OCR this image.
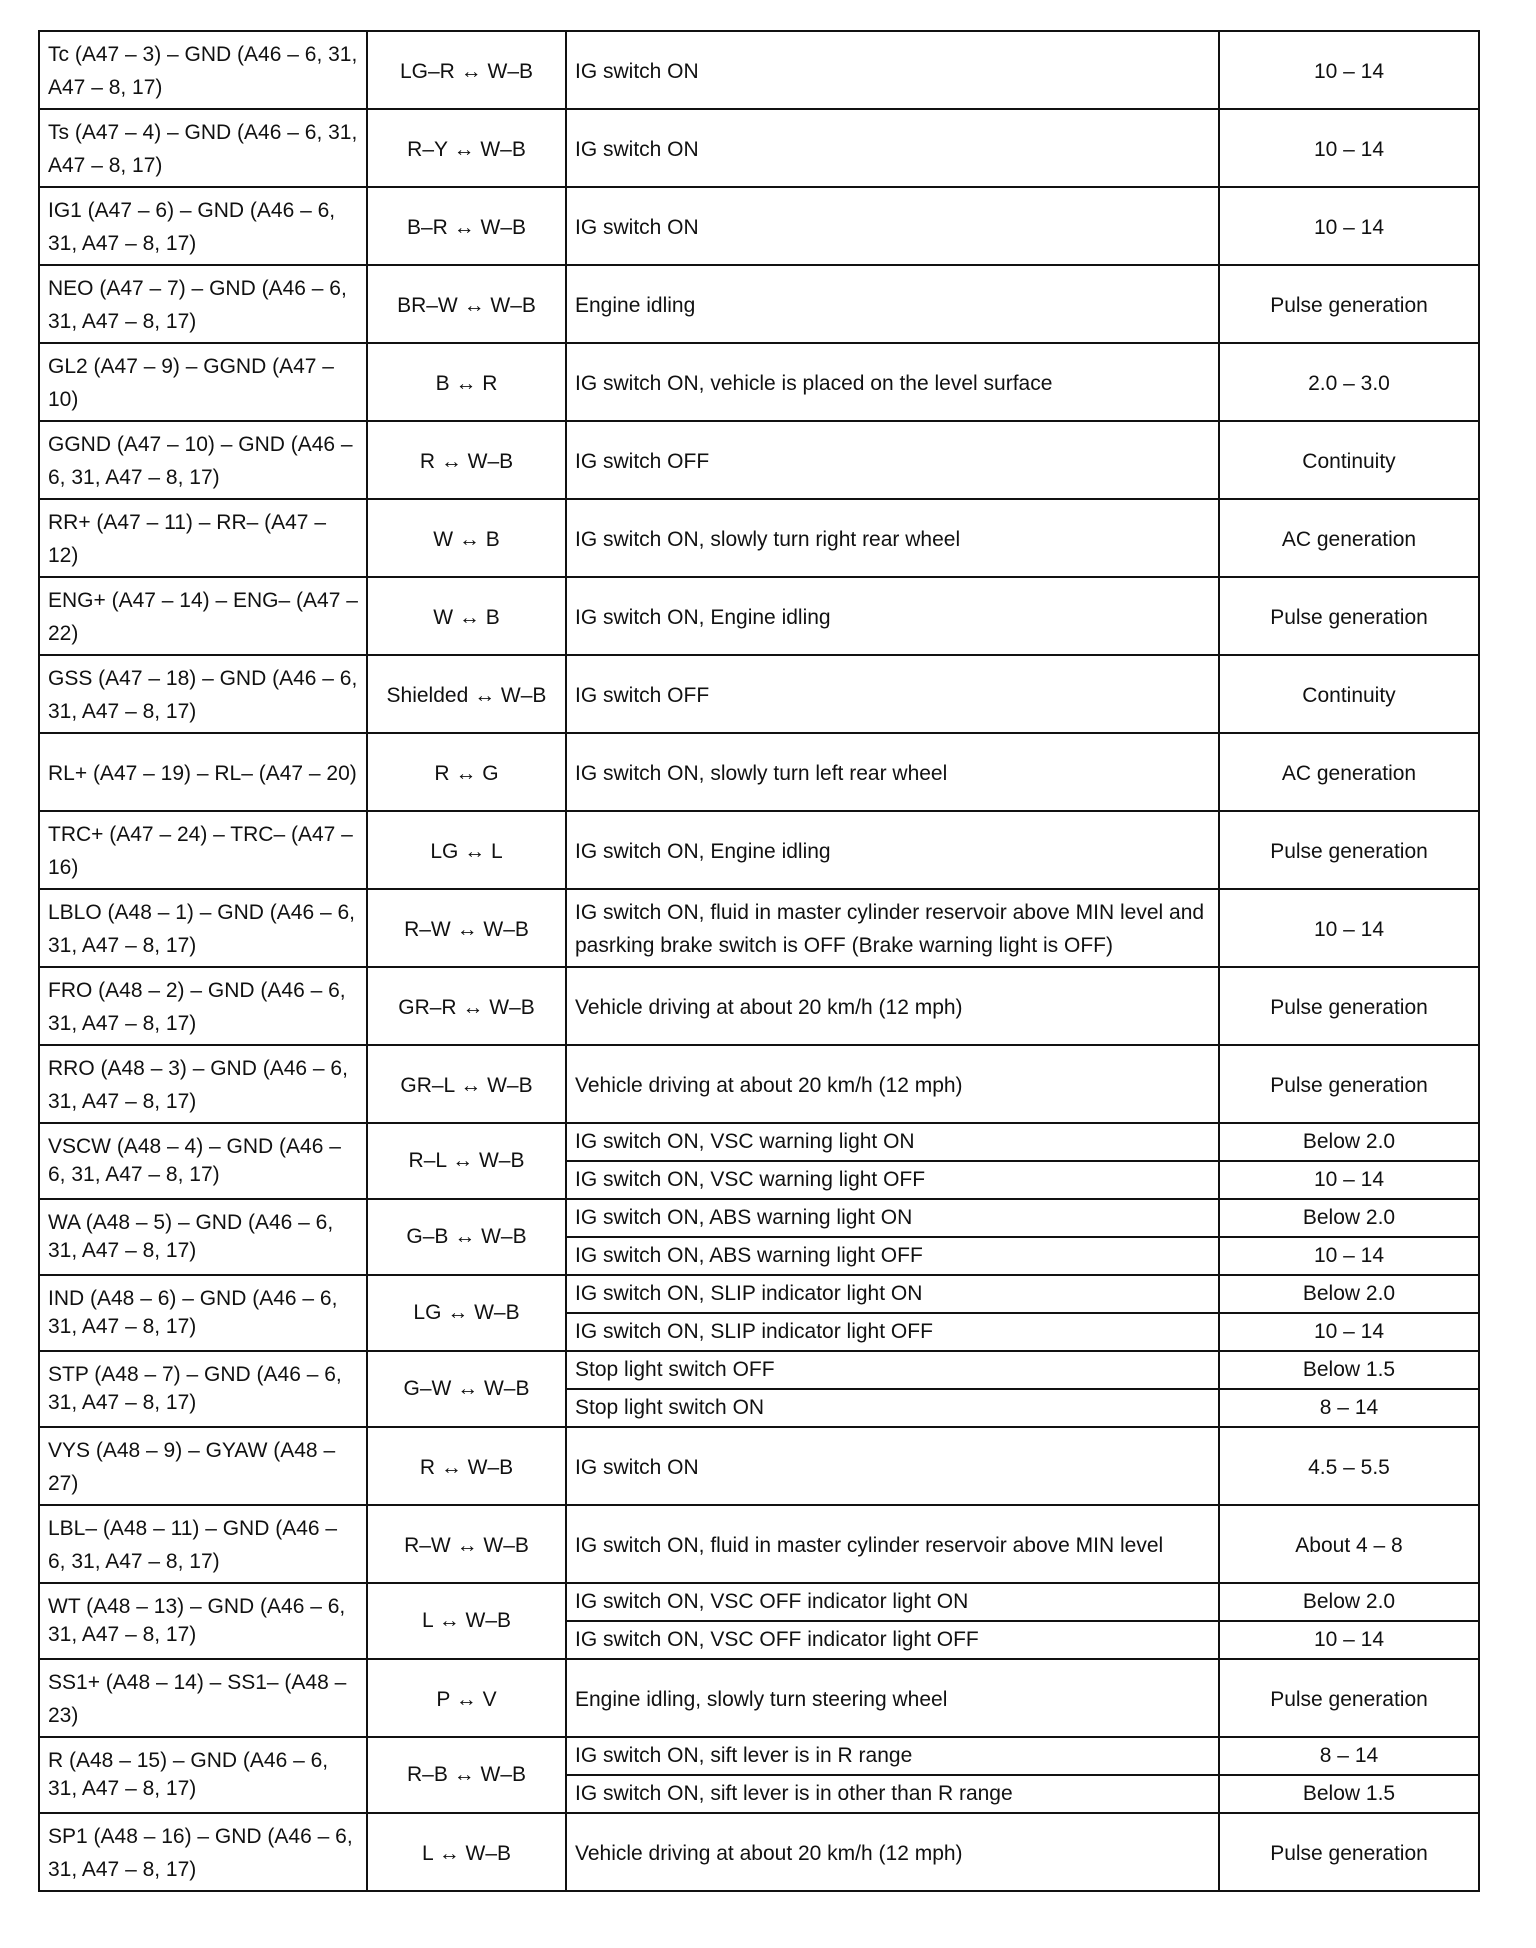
Tc (A47 – 3) – GND (A46 – 6, 31, A47 – 8, 17)	LG–R ↔ W–B	IG switch ON	10 – 14
Ts (A47 – 4) – GND (A46 – 6, 31, A47 – 8, 17)	R–Y ↔ W–B	IG switch ON	10 – 14
IG1 (A47 – 6) – GND (A46 – 6, 31, A47 – 8, 17)	B–R ↔ W–B	IG switch ON	10 – 14
NEO (A47 – 7) – GND (A46 – 6, 31, A47 – 8, 17)	BR–W ↔ W–B	Engine idling	Pulse generation
GL2 (A47 – 9) – GGND (A47 – 10)	B ↔ R	IG switch ON, vehicle is placed on the level surface	2.0 – 3.0
GGND (A47 – 10) – GND (A46 – 6, 31, A47 – 8, 17)	R ↔ W–B	IG switch OFF	Continuity
RR+ (A47 – 11) – RR– (A47 – 12)	W ↔ B	IG switch ON, slowly turn right rear wheel	AC generation
ENG+ (A47 – 14) – ENG– (A47 – 22)	W ↔ B	IG switch ON, Engine idling	Pulse generation
GSS (A47 – 18) – GND (A46 – 6, 31, A47 – 8, 17)	Shielded ↔ W–B	IG switch OFF	Continuity
RL+ (A47 – 19) – RL– (A47 – 20)	R ↔ G	IG switch ON, slowly turn left rear wheel	AC generation
TRC+ (A47 – 24) – TRC– (A47 – 16)	LG ↔ L	IG switch ON, Engine idling	Pulse generation
LBLO (A48 – 1) – GND (A46 – 6, 31, A47 – 8, 17)	R–W ↔ W–B	IG switch ON, fluid in master cylinder reservoir above MIN level and pasrking brake switch is OFF (Brake warning light is OFF)	10 – 14
FRO (A48 – 2) – GND (A46 – 6, 31, A47 – 8, 17)	GR–R ↔ W–B	Vehicle driving at about 20 km/h (12 mph)	Pulse generation
RRO (A48 – 3) – GND (A46 – 6, 31, A47 – 8, 17)	GR–L ↔ W–B	Vehicle driving at about 20 km/h (12 mph)	Pulse generation
VSCW (A48 – 4) – GND (A46 – 6, 31, A47 – 8, 17)	R–L ↔ W–B	IG switch ON, VSC warning light ON	Below 2.0
		IG switch ON, VSC warning light OFF	10 – 14
WA (A48 – 5) – GND (A46 – 6, 31, A47 – 8, 17)	G–B ↔ W–B	IG switch ON, ABS warning light ON	Below 2.0
		IG switch ON, ABS warning light OFF	10 – 14
IND (A48 – 6) – GND (A46 – 6, 31, A47 – 8, 17)	LG ↔ W–B	IG switch ON, SLIP indicator light ON	Below 2.0
		IG switch ON, SLIP indicator light OFF	10 – 14
STP (A48 – 7) – GND (A46 – 6, 31, A47 – 8, 17)	G–W ↔ W–B	Stop light switch OFF	Below 1.5
		Stop light switch ON	8 – 14
VYS (A48 – 9) – GYAW (A48 – 27)	R ↔ W–B	IG switch ON	4.5 – 5.5
LBL– (A48 – 11) – GND (A46 – 6, 31, A47 – 8, 17)	R–W ↔ W–B	IG switch ON, fluid in master cylinder reservoir above MIN level	About 4 – 8
WT (A48 – 13) – GND (A46 – 6, 31, A47 – 8, 17)	L ↔ W–B	IG switch ON, VSC OFF indicator light ON	Below 2.0
		IG switch ON, VSC OFF indicator light OFF	10 – 14
SS1+ (A48 – 14) – SS1– (A48 – 23)	P ↔ V	Engine idling, slowly turn steering wheel	Pulse generation
R (A48 – 15) – GND (A46 – 6, 31, A47 – 8, 17)	R–B ↔ W–B	IG switch ON, sift lever is in R range	8 – 14
		IG switch ON, sift lever is in other than R range	Below 1.5
SP1 (A48 – 16) – GND (A46 – 6, 31, A47 – 8, 17)	L ↔ W–B	Vehicle driving at about 20 km/h (12 mph)	Pulse generation
